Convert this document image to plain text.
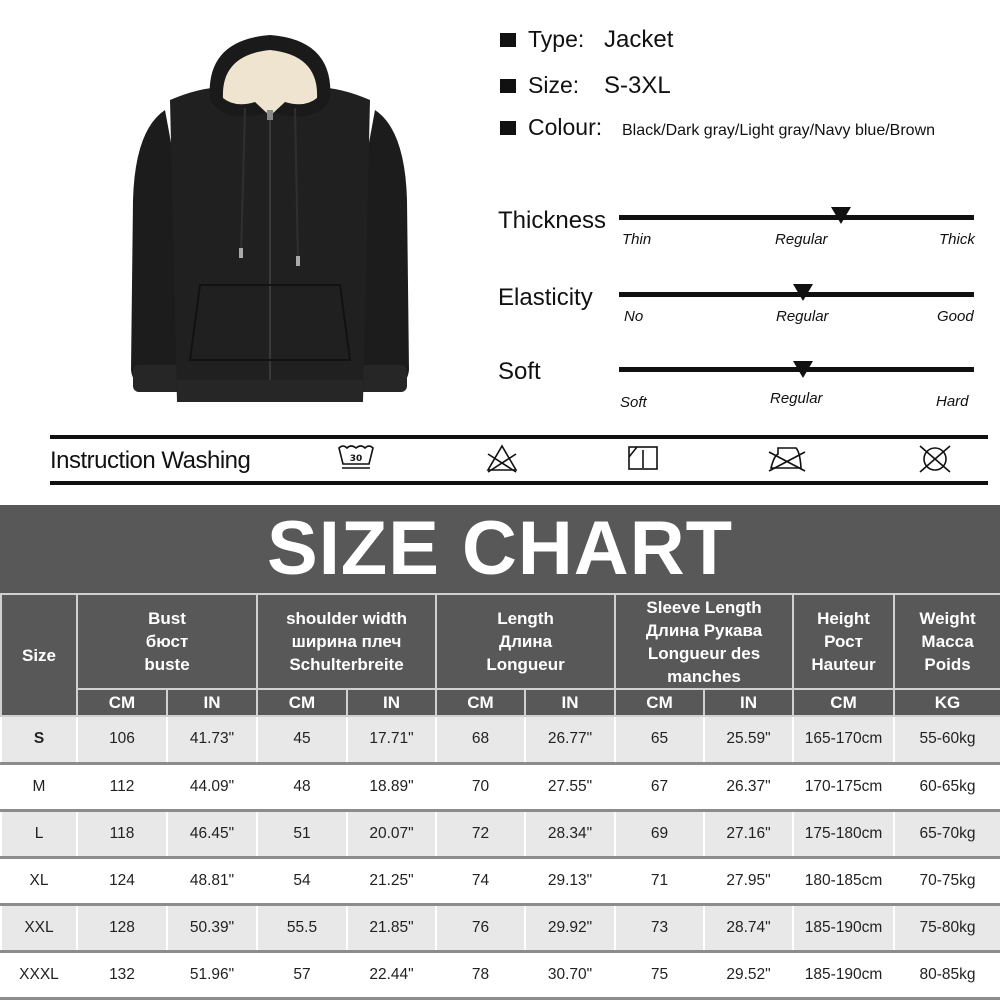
Type: Jacket
Size:	S-3XL
Colour:	Black/Dark gray/Light gray/Navy blue/Brown
Thickness
Thin	Regular	Thick
Elasticity
No	Regular	Good
Soft
Soft	Regular	Hard
Instruction Washing	30
SIZE CHART
Size	
Bust
бюст
buste

shoulder width
ширина плеч
Schulterbreite

Length
Длина
Longueur

Sleeve Length
Длина Рукава
Longueur des
manches

Height
Рост
Hauteur

Weight
Масса
Poids

	CM	IN	CM	IN	CM	IN	CM	IN	CM	KG
S	106	41.73"	45	17.71"	68	26.77"	65	25.59"	165-170cm	55-60kg
M	112	44.09"	48	18.89"	70	27.55"	67	26.37"	170-175cm	60-65kg
L	118	46.45"	51	20.07"	72	28.34"	69	27.16"	175-180cm	65-70kg
XL	124	48.81"	54	21.25"	74	29.13"	71	27.95"	180-185cm	70-75kg
XXL	128	50.39"	55.5	21.85"	76	29.92"	73	28.74"	185-190cm	75-80kg
XXXL	132	51.96"	57	22.44"	78	30.70"	75	29.52"	185-190cm	80-85kg
